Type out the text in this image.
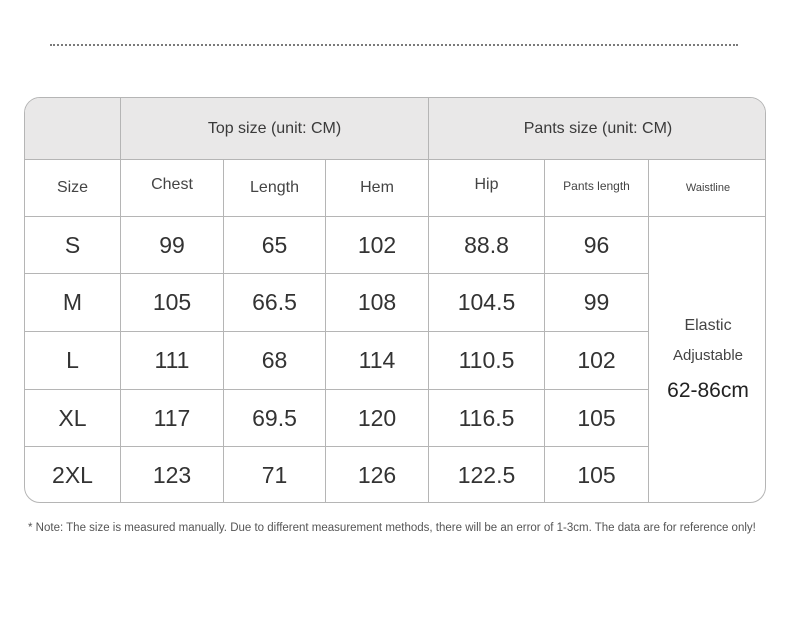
Top size (unit: CM)	Pants size (unit: CM)
Size	Chest	Length	Hem	Hip	Pants length	Waistline
S	99	65	102	88.8	96
M	105	66.5	108	104.5	99
L	111	68	114	110.5	102
XL	117	69.5	120	116.5	105
2XL	123	71	126	122.5	105
Elastic
Adjustable
62-86cm
* Note: The size is measured manually. Due to different measurement methods, there will be an error of 1-3cm. The data are for reference only!
